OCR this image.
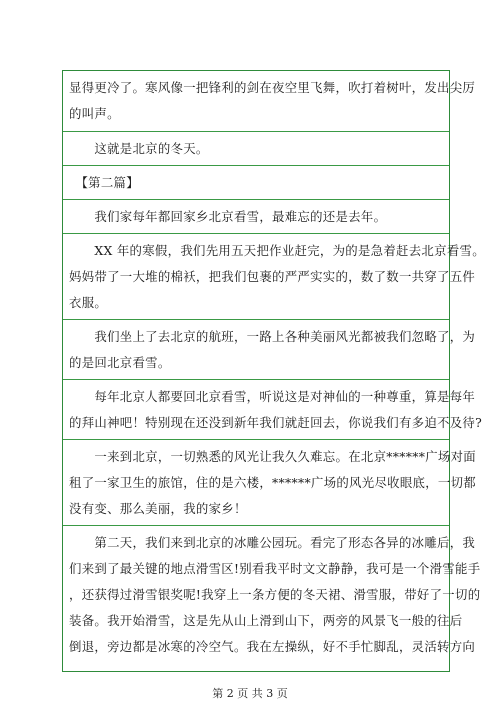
显得更冷了。寒风像一把锋利的剑在夜空里飞舞，吹打着树叶，发出尖厉
的叫声。
　　这就是北京的冬天。
　【第二篇】
　　我们家每年都回家乡北京看雪，最难忘的还是去年。
　　XX 年的寒假，我们先用五天把作业赶完，为的是急着赶去北京看雪。
妈妈带了一大堆的棉袄，把我们包裹的严严实实的，数了数一共穿了五件
衣服。
　　我们坐上了去北京的航班，一路上各种美丽风光都被我们忽略了，为
的是回北京看雪。
　　每年北京人都要回北京看雪，听说这是对神仙的一种尊重，算是每年
的拜山神吧！特别现在还没到新年我们就赶回去，你说我们有多迫不及待?
　　一来到北京，一切熟悉的风光让我久久难忘。在北京******广场对面
租了一家卫生的旅馆，住的是六楼，******广场的风光尽收眼底，一切都
没有变、那么美丽，我的家乡！
　　第二天，我们来到北京的冰雕公园玩。看完了形态各异的冰雕后，我
们来到了最关键的地点滑雪区!别看我平时文文静静，我可是一个滑雪能手
，还获得过滑雪银奖呢!我穿上一条方便的冬天裙、滑雪服，带好了一切的
装备。我开始滑雪，这是先从山上滑到山下，两旁的风景飞一般的往后
倒退，旁边都是冰寒的冷空气。我在左操纵，好不手忙脚乱，灵活转方向
第 2 页 共 3 页
